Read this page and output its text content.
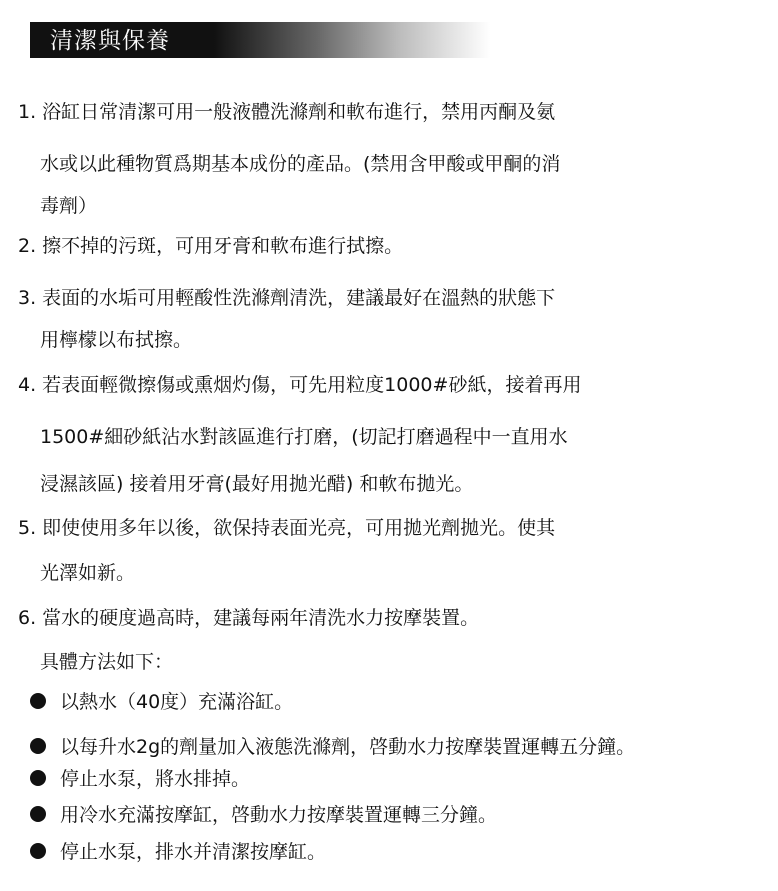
清潔與保養
1. 浴缸日常清潔可用一般液體洗滌劑和軟布進行，禁用丙酮及氨
水或以此種物質爲期基本成份的產品。(禁用含甲酸或甲酮的消
毒劑）
2. 擦不掉的污斑，可用牙膏和軟布進行拭擦。
3. 表面的水垢可用輕酸性洗滌劑清洗，建議最好在溫熱的狀態下
用檸檬以布拭擦。
4. 若表面輕微擦傷或熏烟灼傷，可先用粒度1000#砂紙，接着再用
1500#細砂紙沾水對該區進行打磨，(切記打磨過程中一直用水
浸濕該區) 接着用牙膏(最好用拋光醋) 和軟布拋光。
5. 即使使用多年以後，欲保持表面光亮，可用拋光劑拋光。使其
光澤如新。
6. 當水的硬度過高時，建議每兩年清洗水力按摩裝置。
具體方法如下：
以熱水（40度）充滿浴缸。
以每升水2g的劑量加入液態洗滌劑，啓動水力按摩裝置運轉五分鐘。
停止水泵，將水排掉。
用冷水充滿按摩缸，啓動水力按摩裝置運轉三分鐘。
停止水泵，排水并清潔按摩缸。
